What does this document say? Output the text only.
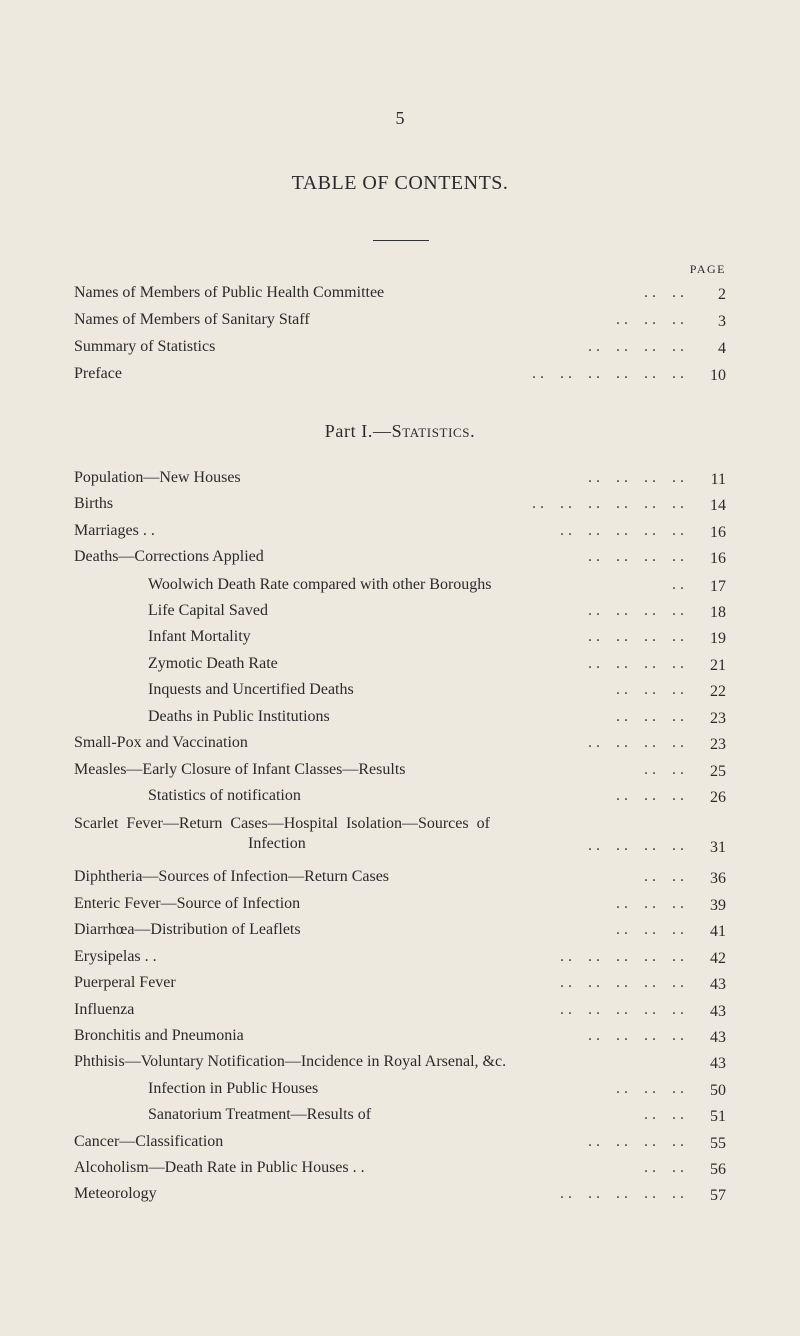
5
TABLE OF CONTENTS.
PAGE
Names of Members of Public Health Committee	. .    . .	2
Names of Members of Sanitary Staff	. .    . .    . .	3
Summary of Statistics	. .    . .    . .    . .	4
Preface	. .    . .    . .    . .    . .    . .	10
Part I.—Statistics.
Population—New Houses	. .    . .    . .    . .	11
Births	. .    . .    . .    . .    . .    . .	14
Marriages . .	. .    . .    . .    . .    . .	16
Deaths—Corrections Applied	. .    . .    . .    . .	16
Woolwich Death Rate compared with other Boroughs	. .	17
Life Capital Saved	. .    . .    . .    . .	18
Infant Mortality	. .    . .    . .    . .	19
Zymotic Death Rate	. .    . .    . .    . .	21
Inquests and Uncertified Deaths	. .    . .    . .	22
Deaths in Public Institutions	. .    . .    . .	23
Small-Pox and Vaccination	. .    . .    . .    . .	23
Measles—Early Closure of Infant Classes—Results	. .    . .	25
Statistics of notification	. .    . .    . .	26
Scarlet  Fever—Return  Cases—Hospital  Isolation—Sources  of
Infection	. .    . .    . .    . .	31
Diphtheria—Sources of Infection—Return Cases	. .    . .	36
Enteric Fever—Source of Infection	. .    . .    . .	39
Diarrhœa—Distribution of Leaflets	. .    . .    . .	41
Erysipelas . .	. .    . .    . .    . .    . .	42
Puerperal Fever	. .    . .    . .    . .    . .	43
Influenza	. .    . .    . .    . .    . .	43
Bronchitis and Pneumonia	. .    . .    . .    . .	43
Phthisis—Voluntary Notification—Incidence in Royal Arsenal, &c.	43
Infection in Public Houses	. .    . .    . .	50
Sanatorium Treatment—Results of	. .    . .	51
Cancer—Classification	. .    . .    . .    . .	55
Alcoholism—Death Rate in Public Houses . .	. .    . .	56
Meteorology	. .    . .    . .    . .    . .	57
